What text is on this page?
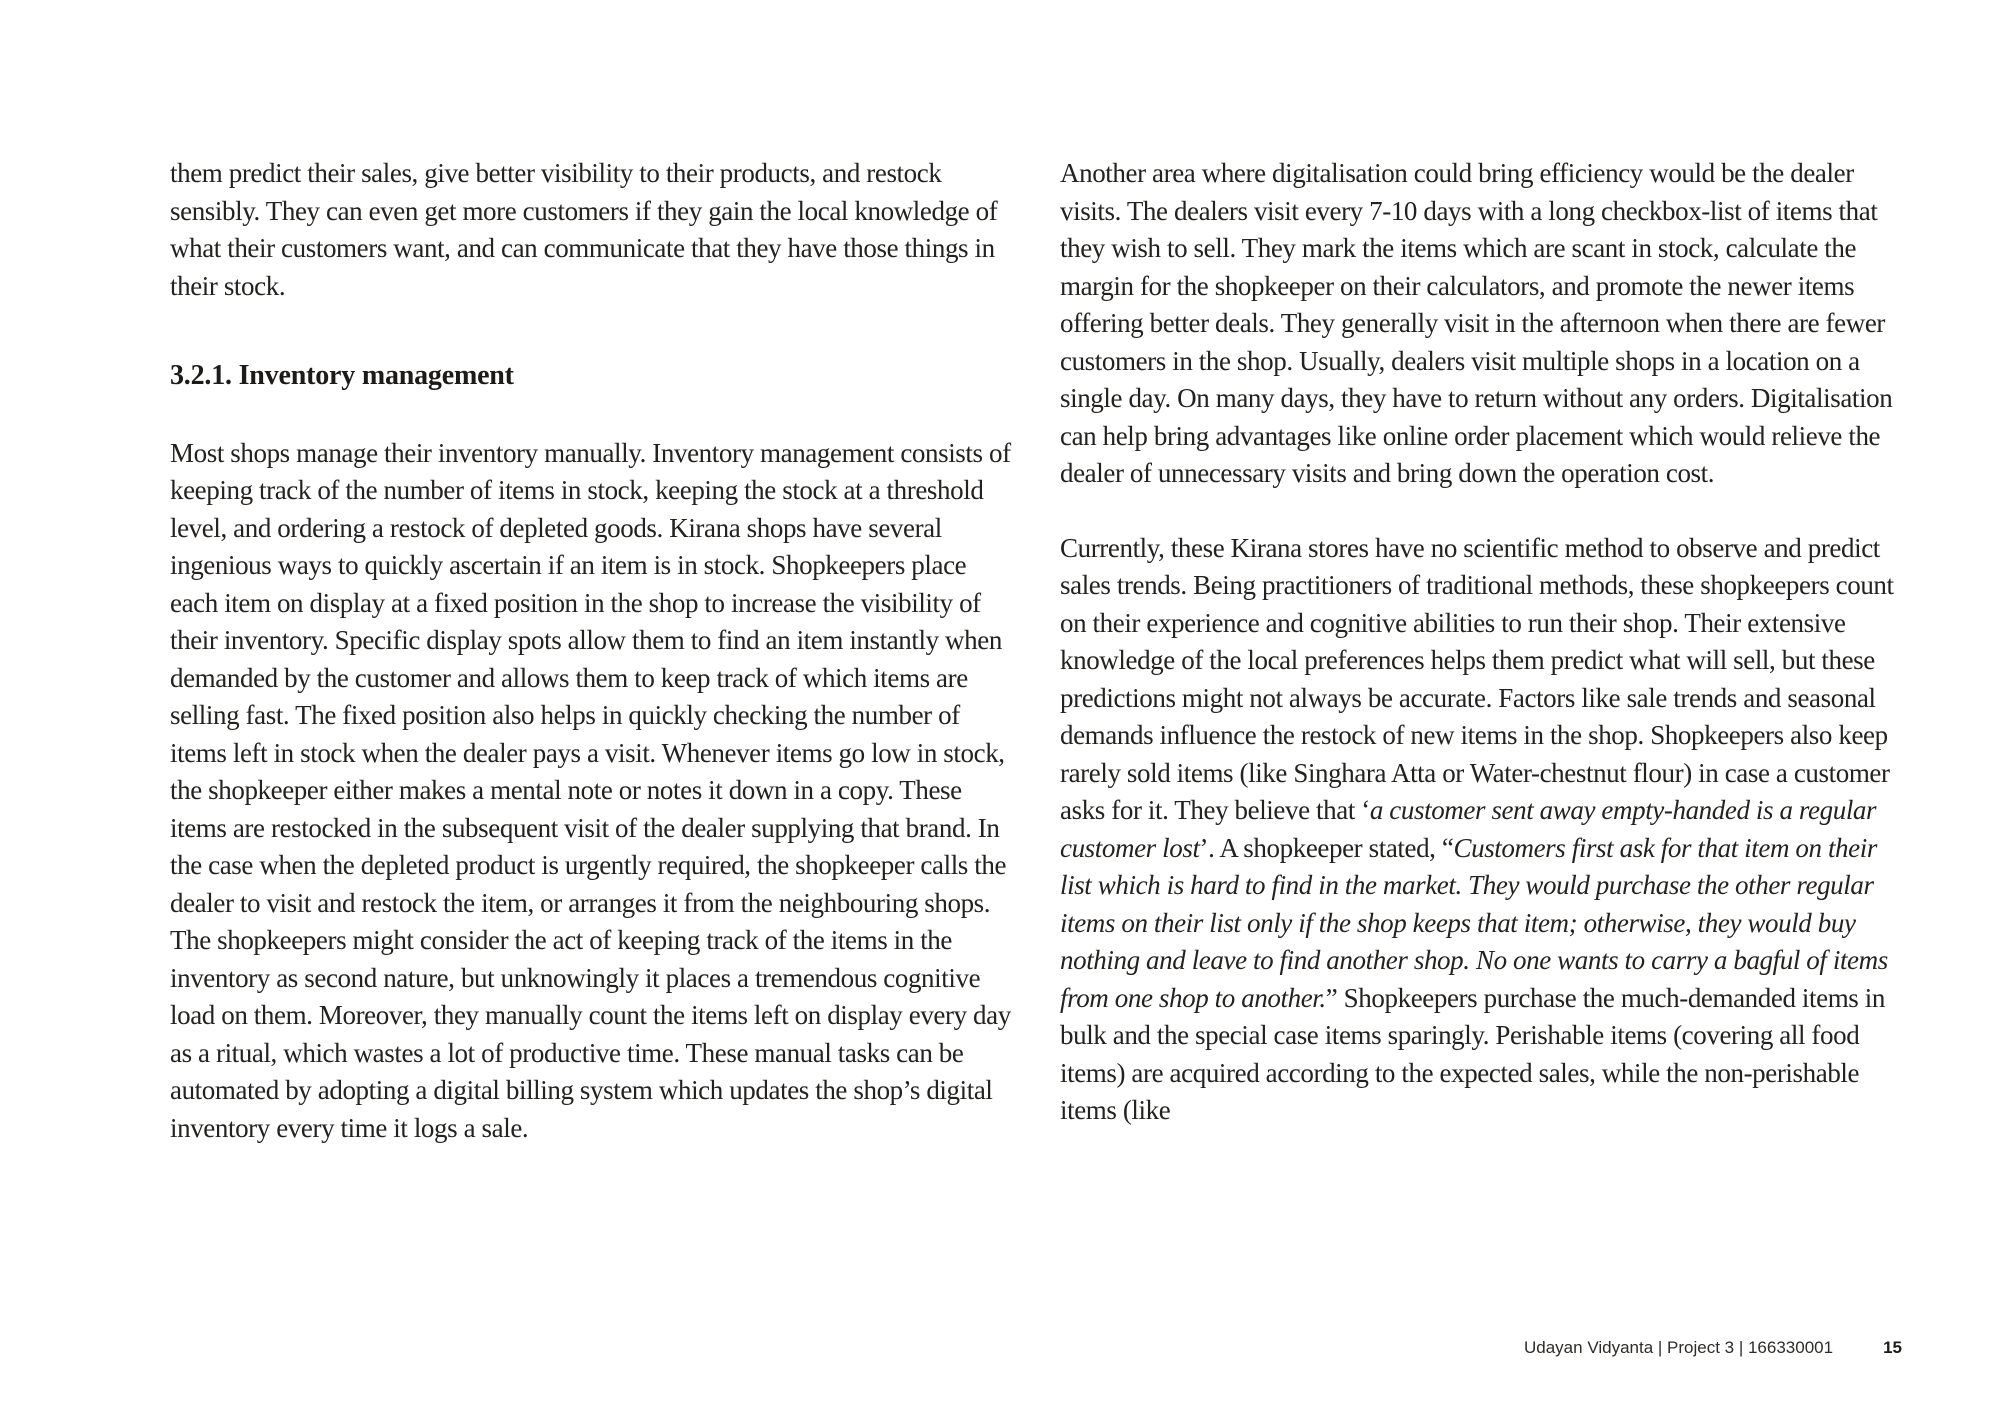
them predict their sales, give better visibility to their products, and restock sensibly. They can even get more customers if they gain the local knowledge of what their customers want, and can communicate that they have those things in their stock.

3.2.1. Inventory management

Most shops manage their inventory manually. Inventory management consists of keeping track of the number of items in stock, keeping the stock at a threshold level, and ordering a restock of depleted goods. Kirana shops have several ingenious ways to quickly ascertain if an item is in stock. Shopkeepers place each item on display at a fixed position in the shop to increase the visibility of their inventory. Specific display spots allow them to find an item instantly when demanded by the customer and allows them to keep track of which items are selling fast. The fixed position also helps in quickly checking the number of items left in stock when the dealer pays a visit. Whenever items go low in stock, the shopkeeper either makes a mental note or notes it down in a copy. These items are restocked in the subsequent visit of the dealer supplying that brand. In the case when the depleted product is urgently required, the shopkeeper calls the dealer to visit and restock the item, or arranges it from the neighbouring shops. The shopkeepers might consider the act of keeping track of the items in the inventory as second nature, but unknowingly it places a tremendous cognitive load on them. Moreover, they manually count the items left on display every day as a ritual, which wastes a lot of productive time. These manual tasks can be automated by adopting a digital billing system which updates the shop’s digital inventory every time it logs a sale.

Another area where digitalisation could bring efficiency would be the dealer visits. The dealers visit every 7-10 days with a long checkbox-list of items that they wish to sell. They mark the items which are scant in stock, calculate the margin for the shopkeeper on their calculators, and promote the newer items offering better deals. They generally visit in the afternoon when there are fewer customers in the shop. Usually, dealers visit multiple shops in a location on a single day. On many days, they have to return without any orders. Digitalisation can help bring advantages like online order placement which would relieve the dealer of unnecessary visits and bring down the operation cost.

Currently, these Kirana stores have no scientific method to observe and predict sales trends. Being practitioners of traditional methods, these shopkeepers count on their experience and cognitive abilities to run their shop. Their extensive knowledge of the local preferences helps them predict what will sell, but these predictions might not always be accurate. Factors like sale trends and seasonal demands influence the restock of new items in the shop. Shopkeepers also keep rarely sold items (like Singhara Atta or Water-chestnut flour) in case a customer asks for it. They believe that ‘a customer sent away empty-handed is a regular customer lost’. A shopkeeper stated, “Customers first ask for that item on their list which is hard to find in the market. They would purchase the other regular items on their list only if the shop keeps that item; otherwise, they would buy nothing and leave to find another shop. No one wants to carry a bagful of items from one shop to another.” Shopkeepers purchase the much-demanded items in bulk and the special case items sparingly. Perishable items (covering all food items) are acquired according to the expected sales, while the non-perishable items (like

Udayan Vidyanta | Project 3 | 166330001	15
